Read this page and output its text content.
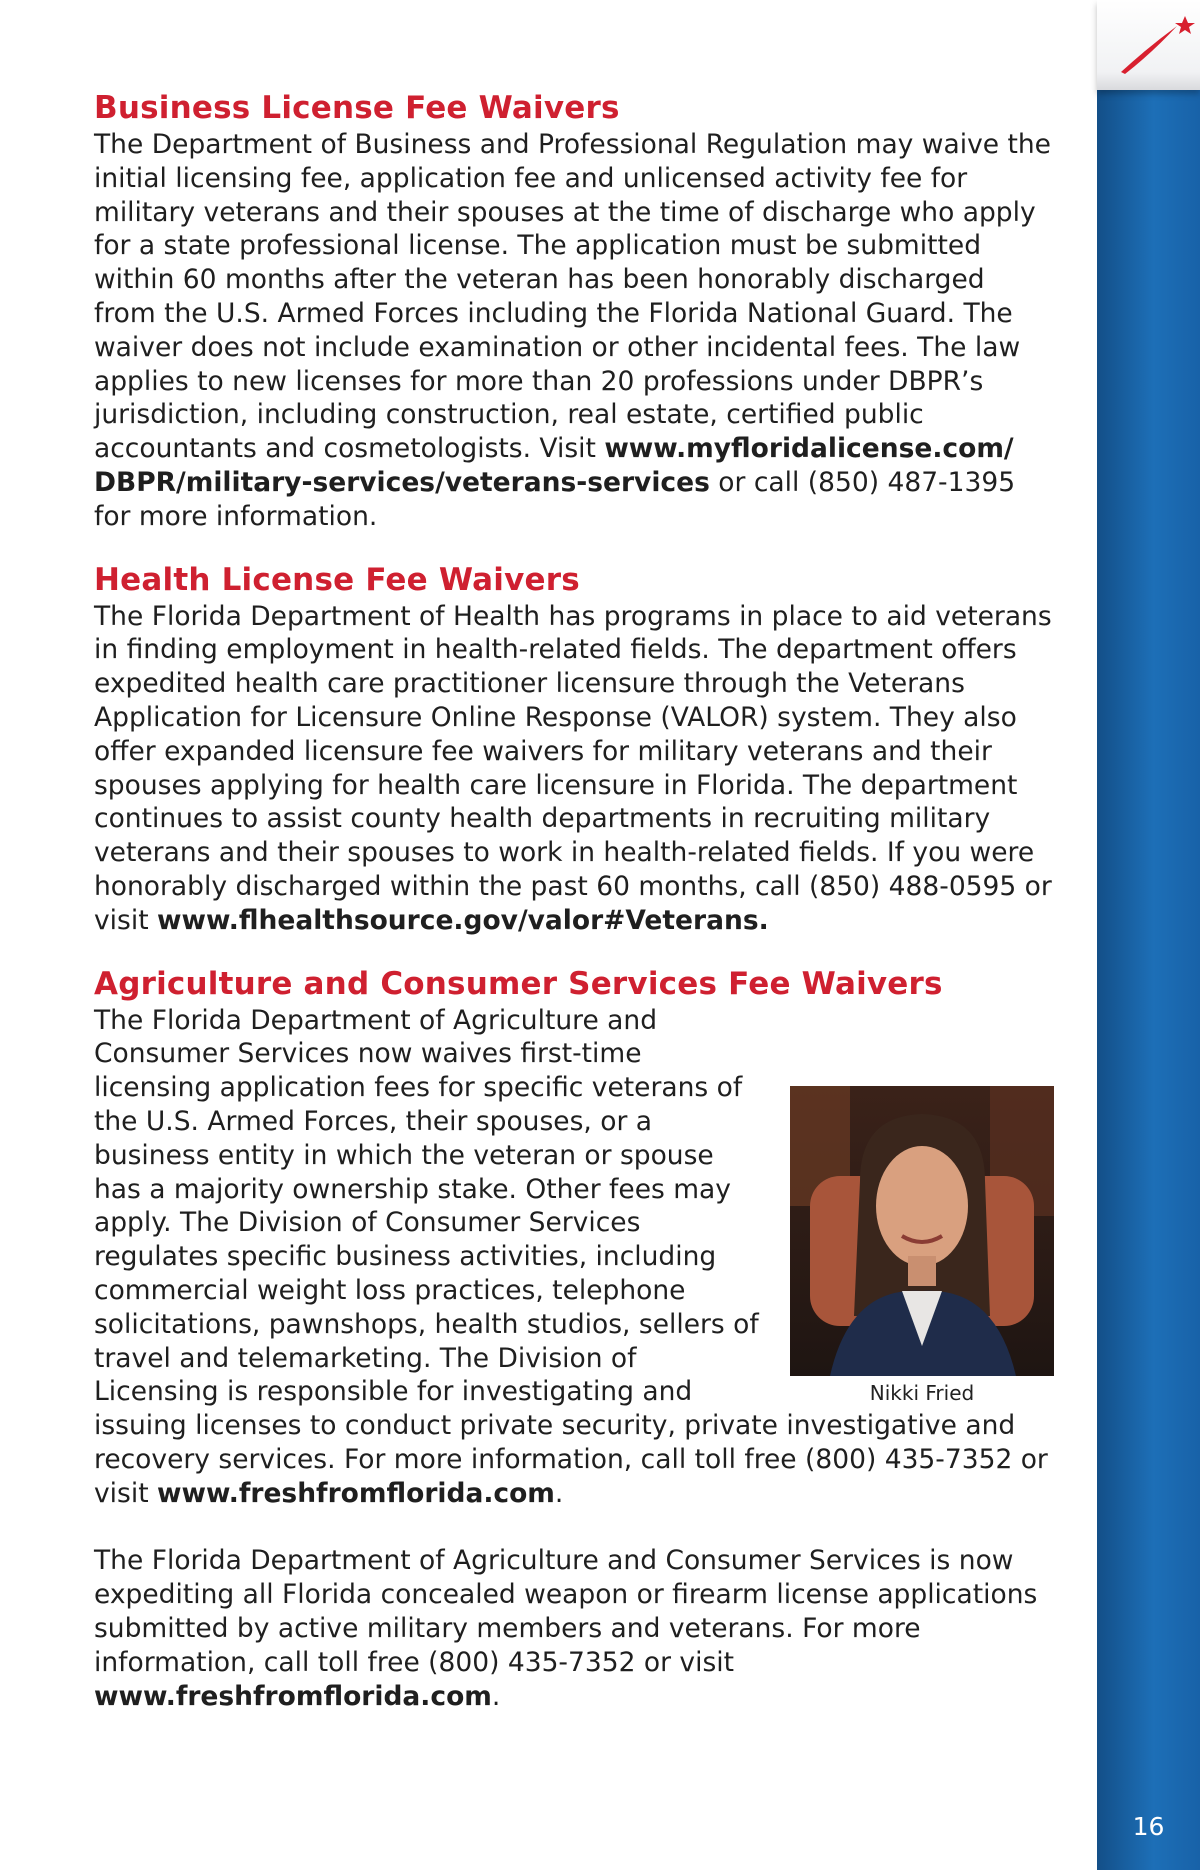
Business License Fee Waivers

The Department of Business and Professional Regulation may waive the initial licensing fee, application fee and unlicensed activity fee for military veterans and their spouses at the time of discharge who apply for a state professional license. The application must be submitted within 60 months after the veteran has been honorably discharged from the U.S. Armed Forces including the Florida National Guard. The waiver does not include examination or other incidental fees. The law applies to new licenses for more than 20 professions under DBPR’s jurisdiction, including construction, real estate, certified public accountants and cosmetologists. Visit www.myfloridalicense.com/ DBPR/military-services/veterans-services or call (850) 487-1395 for more information.

Health License Fee Waivers

The Florida Department of Health has programs in place to aid veterans in finding employment in health-related fields. The department offers expedited health care practitioner licensure through the Veterans Application for Licensure Online Response (VALOR) system. They also offer expanded licensure fee waivers for military veterans and their spouses applying for health care licensure in Florida. The department continues to assist county health departments in recruiting military veterans and their spouses to work in health-related fields. If you were honorably discharged within the past 60 months, call (850) 488-0595 or visit www.flhealthsource.gov/valor#Veterans.

Agriculture and Consumer Services Fee Waivers

Nikki Fried
The Florida Department of Agriculture and Consumer Services now waives first-time licensing application fees for specific veterans of the U.S. Armed Forces, their spouses, or a business entity in which the veteran or spouse has a majority ownership stake. Other fees may apply. The Division of Consumer Services regulates specific business activities, including commercial weight loss practices, telephone solicitations, pawnshops, health studios, sellers of travel and telemarketing. The Division of Licensing is responsible for investigating and issuing licenses to conduct private security, private investigative and recovery services. For more information, call toll free (800) 435-7352 or visit www.freshfromflorida.com.

The Florida Department of Agriculture and Consumer Services is now expediting all Florida concealed weapon or firearm license applications submitted by active military members and veterans. For more information, call toll free (800) 435-7352 or visit www.freshfromflorida.com.

16
